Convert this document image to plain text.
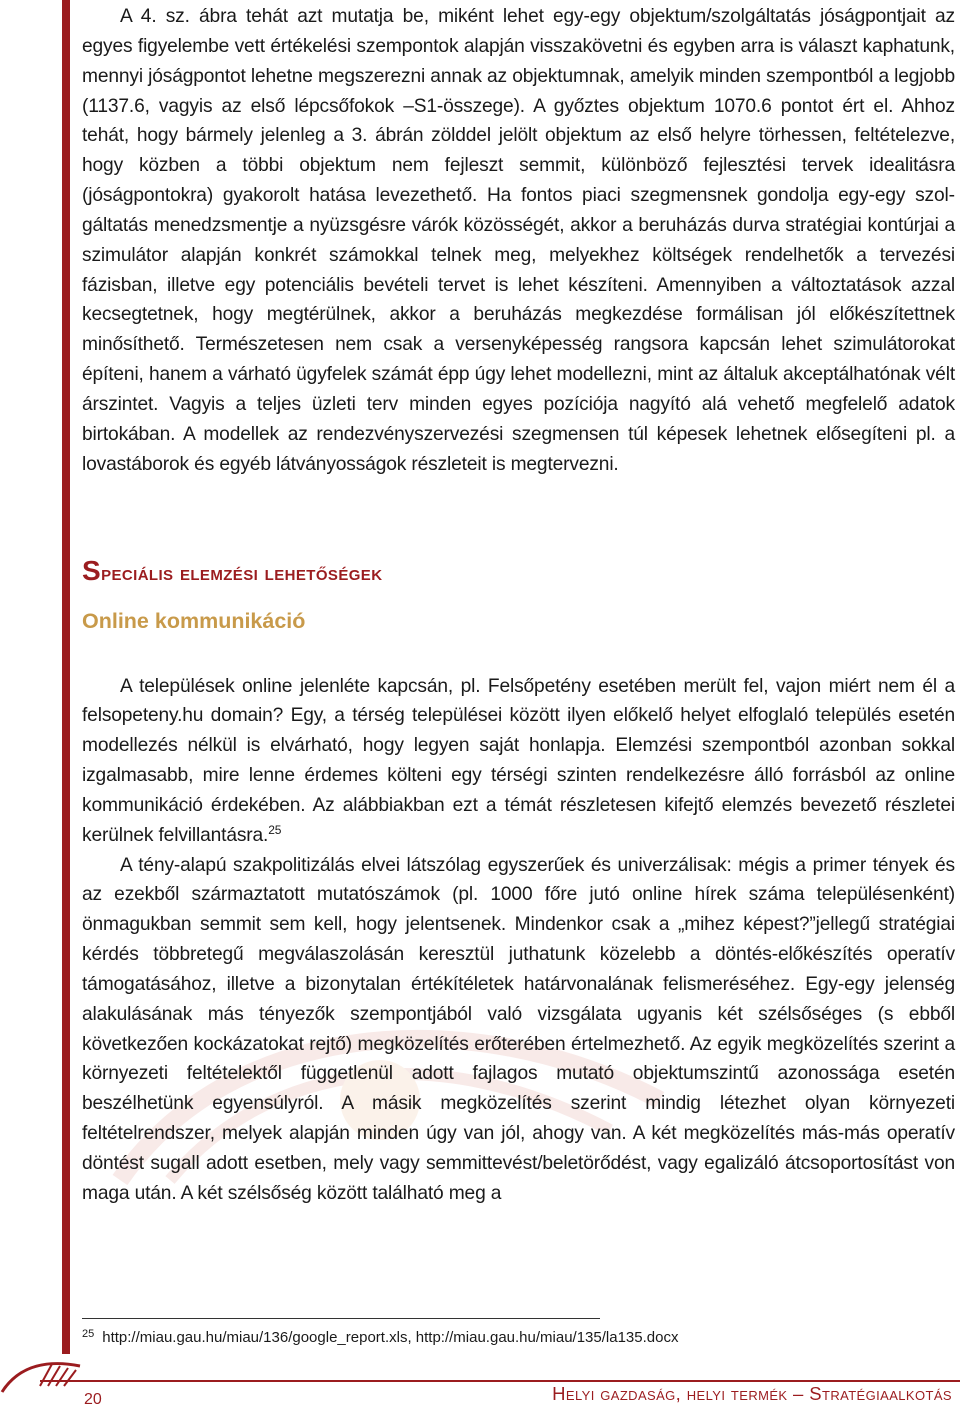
A 4. sz. ábra tehát azt mutatja be, miként lehet egy-egy objektum/szolgáltatás jóságpontjait az egyes figyelembe vett értékelési szempontok alapján visszakövetni és egyben arra is választ kaphatunk, mennyi jóságpontot lehetne megszerezni annak az objektumnak, amelyik minden szempontból a legjobb (1137.6, vagyis az első lépcsőfokok –S1-összege). A győztes objektum 1070.6 pontot ért el. Ahhoz tehát, hogy bármely jelenleg a 3. ábrán zölddel jelölt objektum az első helyre törhessen, feltételezve, hogy közben a többi objektum nem fejleszt semmit, különböző fejlesztési tervek idealitásra (jóságpontokra) gyakorolt hatása levezethető. Ha fontos piaci szegmensnek gondolja egy-egy szolgáltatás menedzsmentje a nyüzsgésre várók közösségét, akkor a beruházás durva stratégiai kontúrjai a szimulátor alapján konkrét számokkal telnek meg, melyekhez költségek rendelhetők a tervezési fázisban, illetve egy potenciális bevételi tervet is lehet készíteni. Amennyiben a változtatások azzal kecsegtetnek, hogy megtérülnek, akkor a beruházás megkezdése formálisan jól előkészítettnek minősíthető. Természetesen nem csak a versenyképesség rangsora kapcsán lehet szimulátorokat építeni, hanem a várható ügyfelek számát épp úgy lehet modellezni, mint az általuk akceptálhatónak vélt árszintet. Vagyis a teljes üzleti terv minden egyes pozíciója nagyító alá vehető megfelelő adatok birtokában. A modellek az rendezvényszervezési szegmensen túl képesek lehetnek elősegíteni pl. a lovastáborok és egyéb látványosságok részleteit is megtervezni.

Speciális elemzési lehetőségek
Online kommunikáció

A települések online jelenléte kapcsán, pl. Felsőpetény esetében merült fel, vajon miért nem él a felsopeteny.hu domain? Egy, a térség települései között ilyen előkelő helyet elfoglaló település esetén modellezés nélkül is elvárható, hogy legyen saját honlapja. Elemzési szempontból azonban sokkal izgalmasabb, mire lenne érdemes költeni egy térségi szinten rendelkezésre álló forrásból az online kommunikáció érdekében. Az alábbiakban ezt a témát részletesen kifejtő elemzés bevezető részletei kerülnek felvillantásra.$^{25}$

A tény-alapú szakpolitizálás elvei látszólag egyszerűek és univerzálisak: mégis a primer tények és az ezekből származtatott mutatószámok (pl. 1000 főre jutó online hírek száma településenként) önmagukban semmit sem kell, hogy jelentsenek. Mindenkor csak a „mihez képest?”jellegű stratégiai kérdés többretegű megválaszolásán keresztül juthatunk közelebb a döntés-előkészítés operatív támogatásához, illetve a bizonytalan értékítéletek határvonalának felismeréséhez. Egy-egy jelenség alakulásának más tényezők szempontjából való vizsgálata ugyanis két szélsőséges (s ebből következően kockázatokat rejtő) megközelítés erőterében értelmezhető. Az egyik megközelítés szerint a környezeti feltételektől függetlenül adott fajlagos mutató objektumszintű azonossága esetén beszélhetünk egyensúlyról. A másik megközelítés szerint mindig létezhet olyan környezeti feltételrendszer, melyek alapján minden úgy van jól, ahogy van. A két megközelítés más-más operatív döntést sugall adott esetben, mely vagy semmittevést/beletörődést, vagy egalizáló átcsoportosítást von maga után. A két szélsőség között található meg a

$^{25}$ http://miau.gau.hu/miau/136/google_report.xls, http://miau.gau.hu/miau/135/la135.docx
20	Helyi gazdaság, helyi termék – Stratégiaalkotás
